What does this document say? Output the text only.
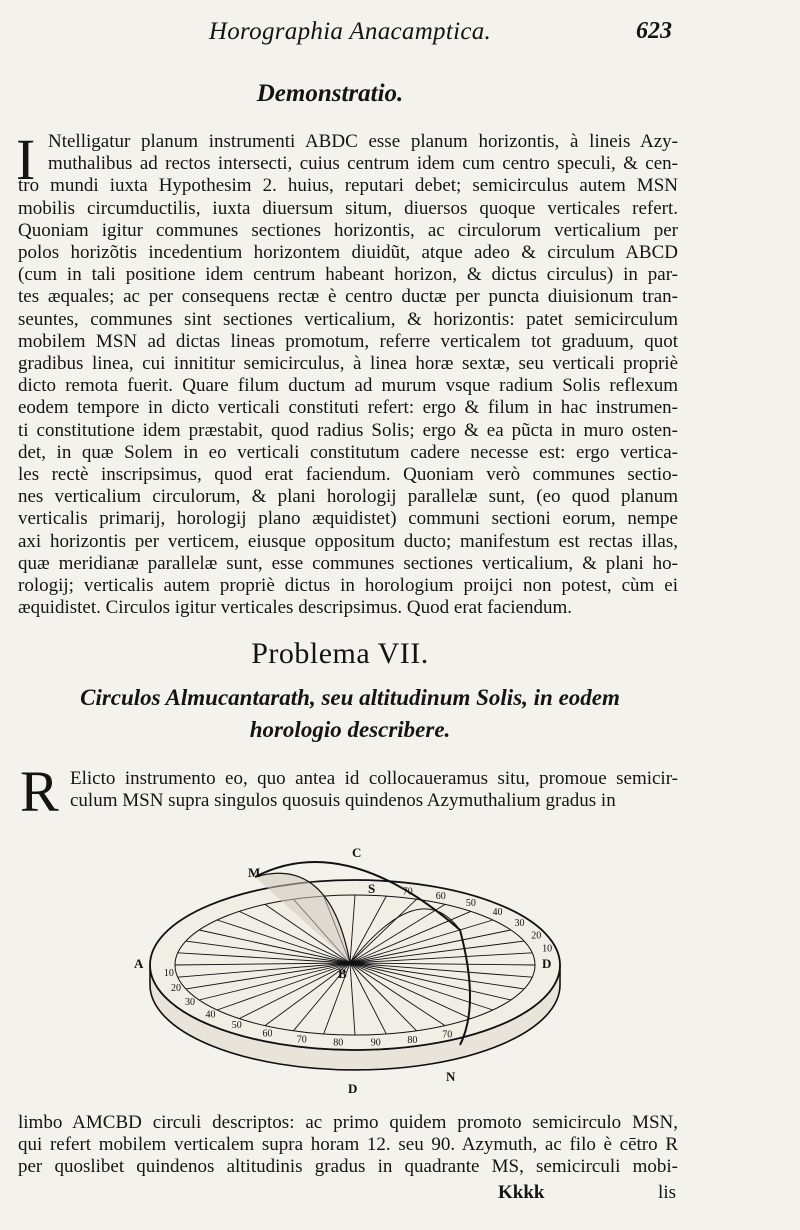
Horographia Anacamptica.	623
Demonstratio.
I Ntelligatur planum instrumenti ABDC esse planum horizontis, à lineis Azy-
muthalibus ad rectos intersecti, cuius centrum idem cum centro speculi, & cen-
tro mundi iuxta Hypothesim 2. huius, reputari debet; semicirculus autem MSN
mobilis circumductilis, iuxta diuersum situm, diuersos quoque verticales refert.
Quoniam igitur communes sectiones horizontis, ac circulorum verticalium per
polos horizõtis incedentium horizontem diuidũt, atque adeo & circulum ABCD
(cum in tali positione idem centrum habeant horizon, & dictus circulus) in par-
tes æquales; ac per consequens rectæ è centro ductæ per puncta diuisionum tran-
seuntes, communes sint sectiones verticalium, & horizontis: patet semicirculum
mobilem MSN ad dictas lineas promotum, referre verticalem tot graduum, quot
gradibus linea, cui innititur semicirculus, à linea horæ sextæ, seu verticali propriè
dicto remota fuerit. Quare filum ductum ad murum vsque radium Solis reflexum
eodem tempore in dicto verticali constituti refert: ergo & filum in hac instrumen-
ti constitutione idem præstabit, quod radius Solis; ergo & ea pũcta in muro osten-
det, in quæ Solem in eo verticali constitutum cadere necesse est: ergo vertica-
les rectè inscripsimus, quod erat faciendum. Quoniam verò communes sectio-
nes verticalium circulorum, & plani horologij parallelæ sunt, (eo quod planum
verticalis primarij, horologij plano æquidistet) communi sectioni eorum, nempe
axi horizontis per verticem, eiusque oppositum ducto; manifestum est rectas illas,
quæ meridianæ parallelæ sunt, esse communes sectiones verticalium, & plani ho-
rologij; verticalis autem propriè dictus in horologium proijci non potest, cùm ei
æquidistet. Circulos igitur verticales descripsimus. Quod erat faciendum.
Problema VII.
Circulos Almucantarath, seu altitudinum Solis, in eodem
horologio describere.
R Elicto instrumento eo, quo antea id collocaueramus situ, promoue semicir-
culum MSN supra singulos quosuis quindenos Azymuthalium gradus in
10
20
30
40
50
60
70	80	90	80 70
70 60
50
40
30
20
10
C
M
S
A
B
D
D
N
limbo AMCBD circuli descriptos: ac primo quidem promoto semicirculo MSN,
qui refert mobilem verticalem supra horam 12. seu 90. Azymuth, ac filo è cētro R
per quoslibet quindenos altitudinis gradus in quadrante MS, semicirculi mobi-
Kkkk	lis
